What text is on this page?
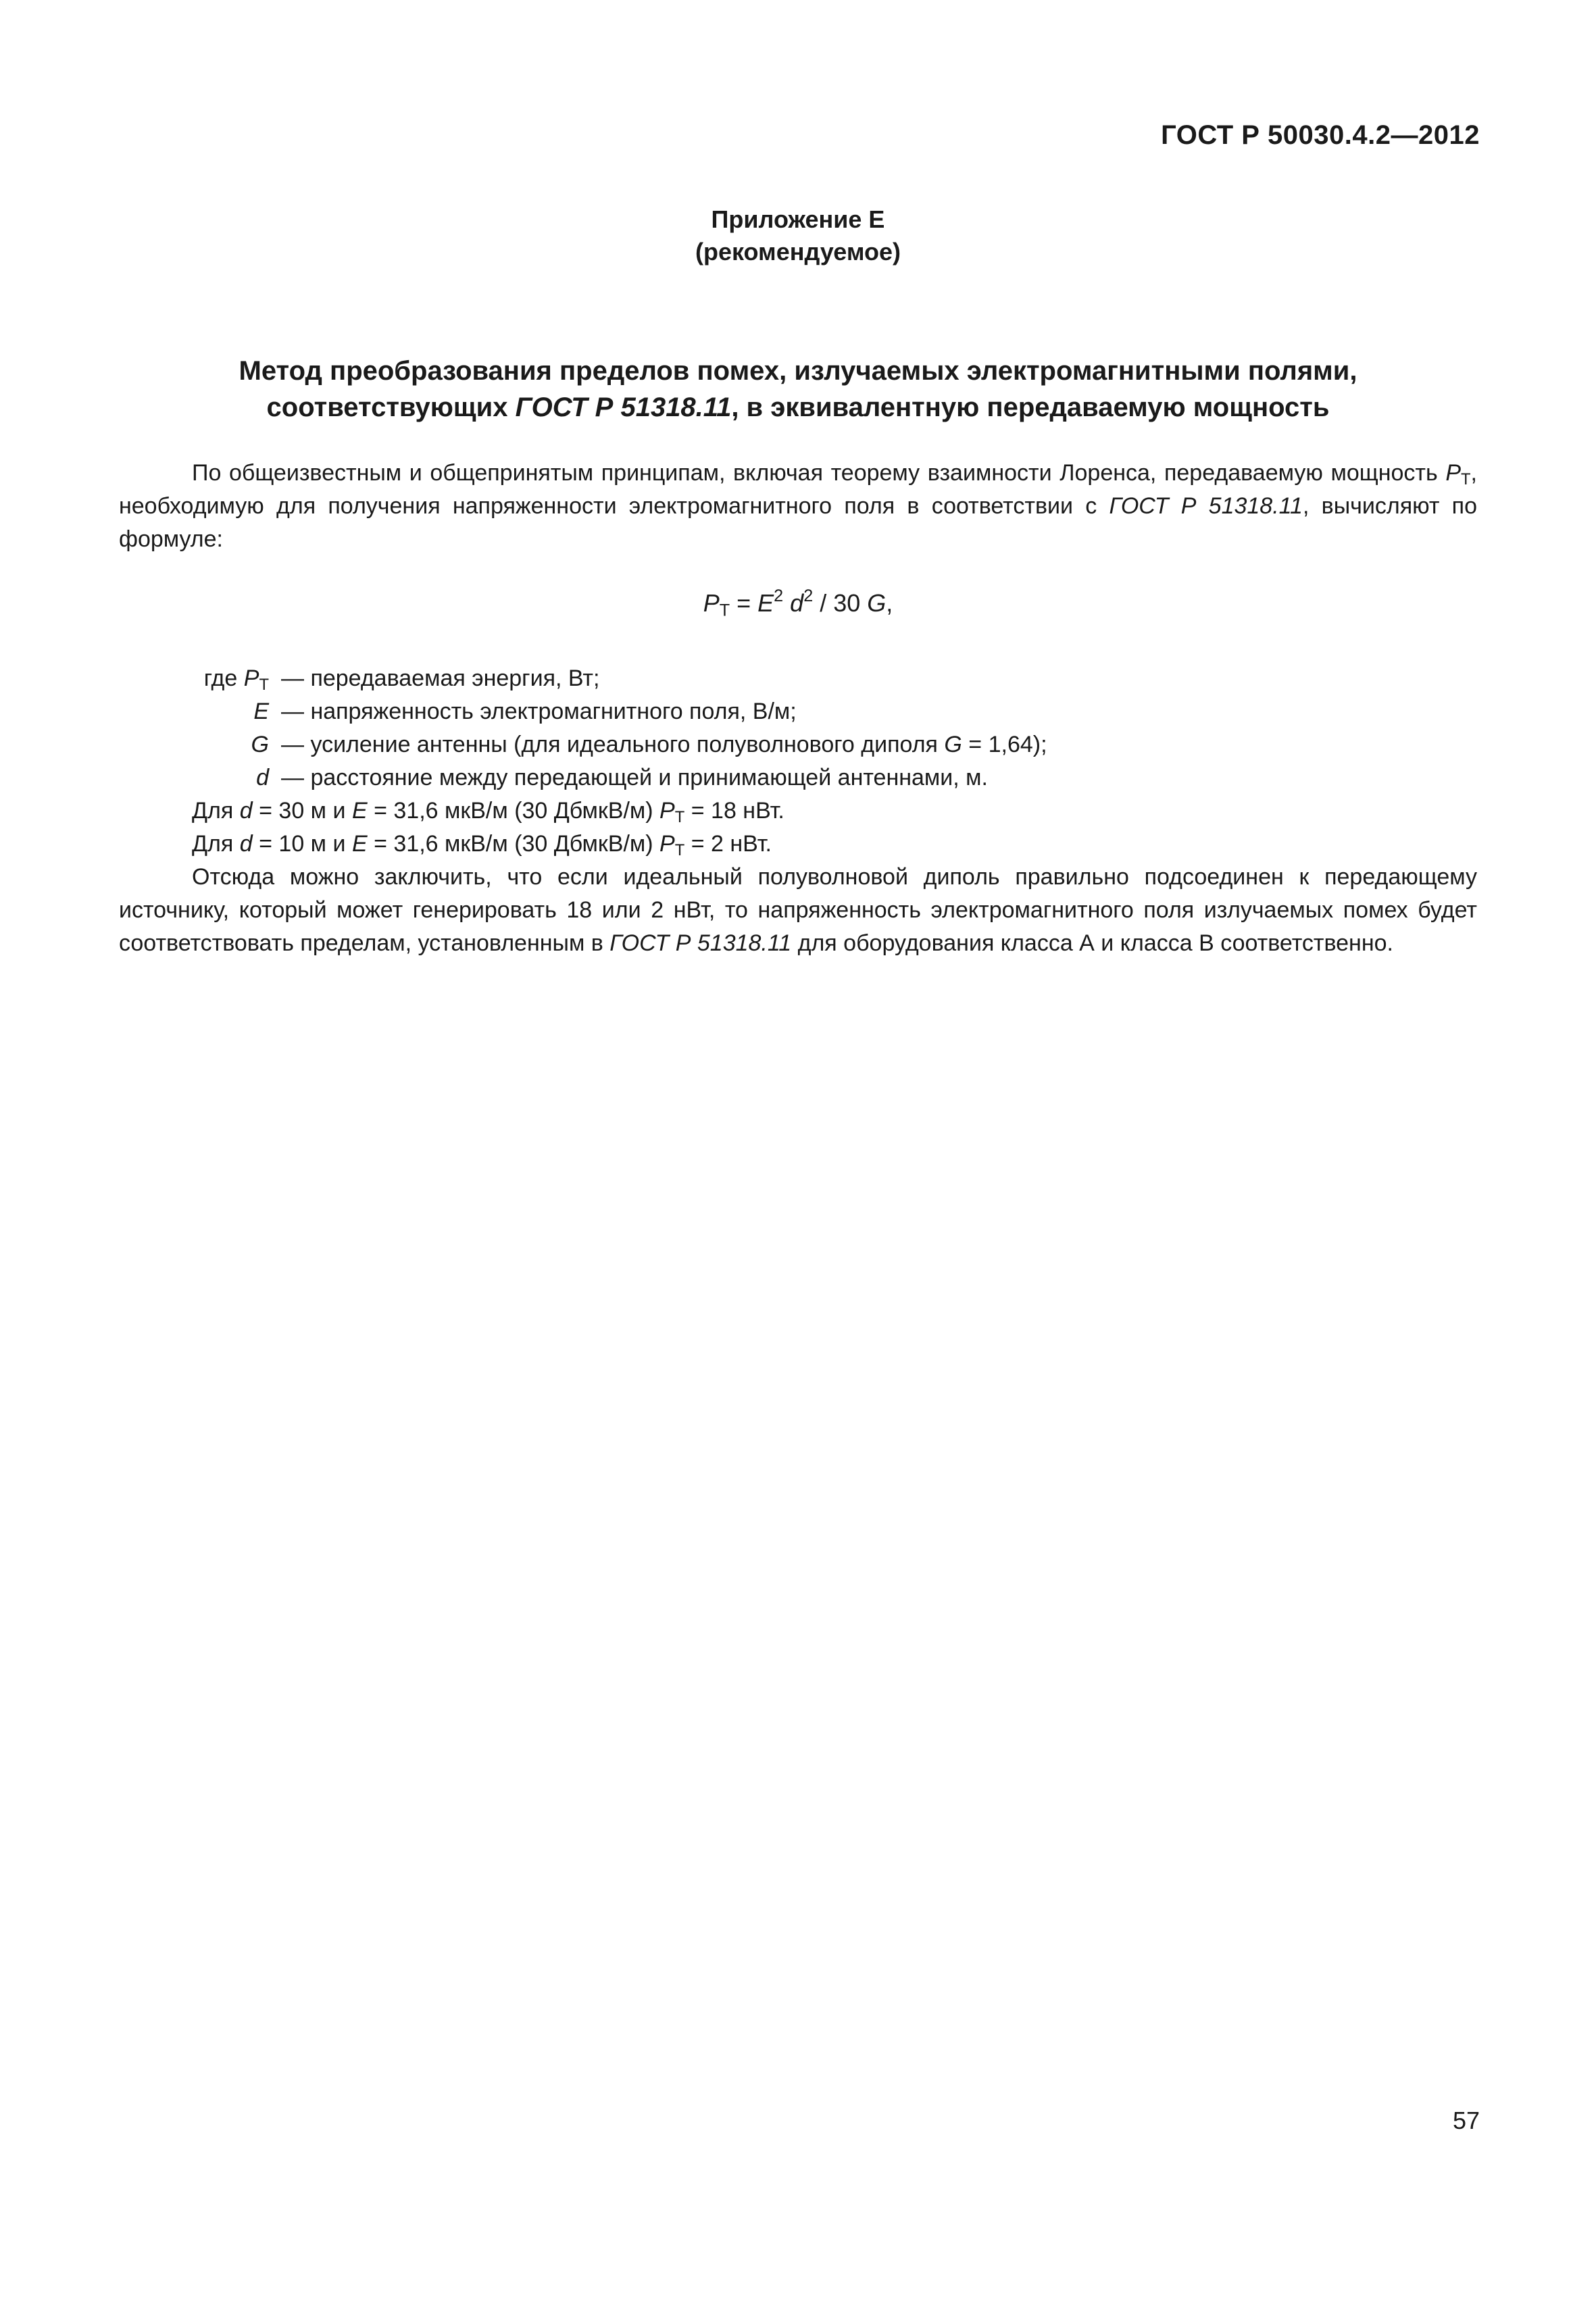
ГОСТ Р 50030.4.2—2012
Приложение Е
(рекомендуемое)
Метод преобразования пределов помех, излучаемых электромагнитными полями,
соответствующих ГОСТ Р 51318.11, в эквивалентную передаваемую мощность
По общеизвестным и общепринятым принципам, включая теорему взаимности Лоренса, передаваемую мощность $P_T$, необходимую для получения напряженности электромагнитного поля в соответствии с ГОСТ Р 51318.11, вычисляют по формуле:
$P_T = E^2$ $d^2 / 30$ G,
где $P_T$ — передаваемая энергия, Вт;
E — напряженность электромагнитного поля, В/м;
G — усиление антенны (для идеального полуволнового диполя G = 1,64);
d — расстояние между передающей и принимающей антеннами, м.
Для d = 30 м и E = 31,6 мкВ/м (30 ДбмкВ/м) $P_T = 18$ нВт.
Для d = 10 м и E = 31,6 мкВ/м (30 ДбмкВ/м) $P_T = 2$ нВт.
Отсюда можно заключить, что если идеальный полуволновой диполь правильно подсоединен к передающему источнику, который может генерировать 18 или 2 нВт, то напряженность электромагнитного поля излучаемых помех будет соответствовать пределам, установленным в ГОСТ Р 51318.11 для оборудования класса А и класса В соответственно.
57
